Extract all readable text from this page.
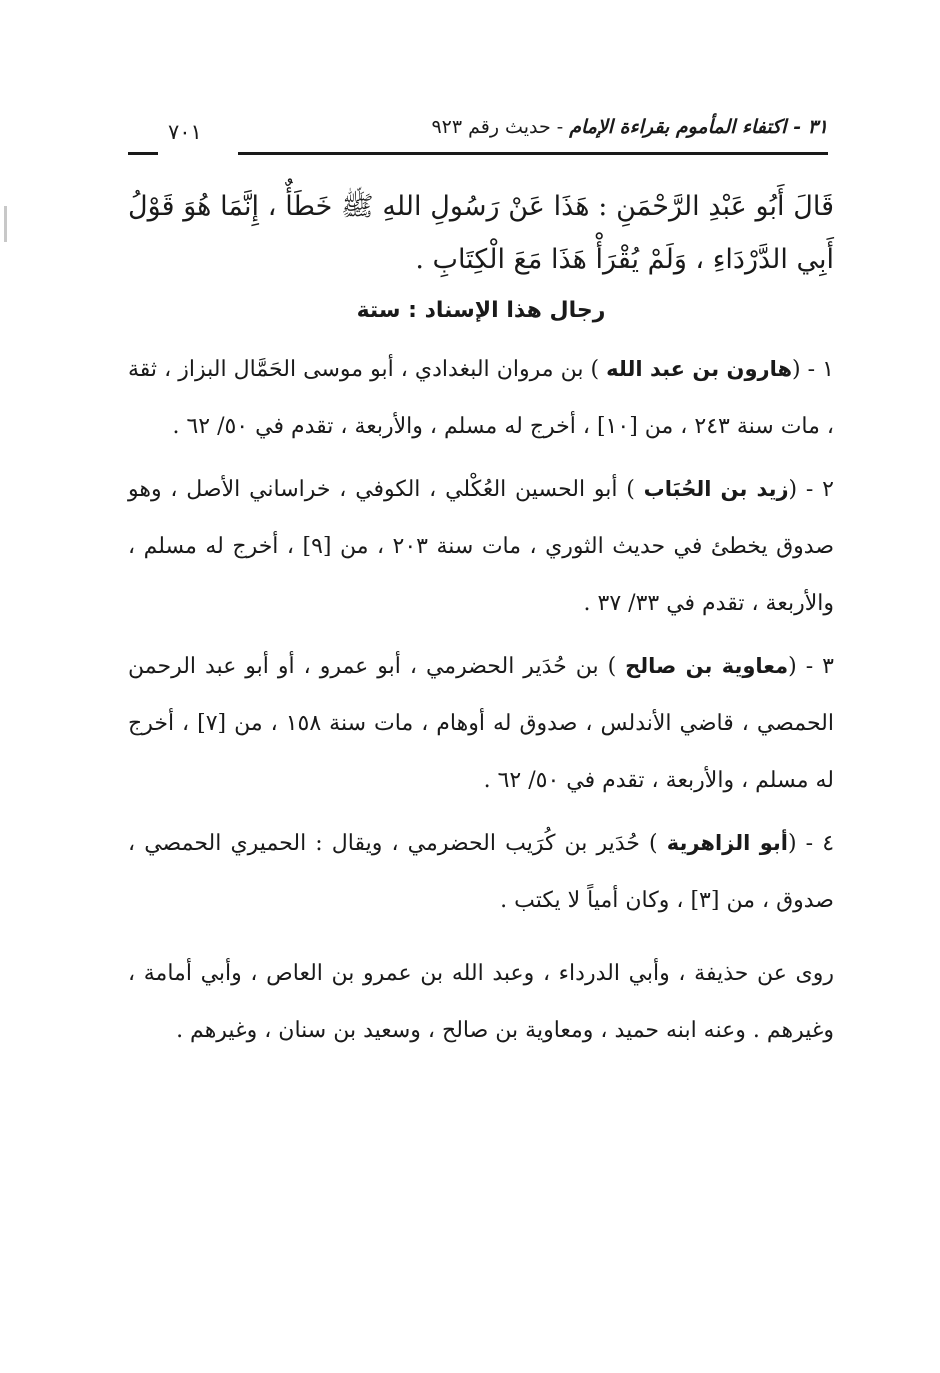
٣١ - اكتفاء المأموم بقراءة الإمام - حديث رقم ٩٢٣
٧٠١

قَالَ أَبُو عَبْدِ الرَّحْمَنِ : هَذَا عَنْ رَسُولِ اللهِ ﷺ خَطَأٌ ، إِنَّمَا هُوَ قَوْلُ أَبِي الدَّرْدَاءِ ، وَلَمْ يُقْرَأْ هَذَا مَعَ الْكِتَابِ .

رجال هذا الإسناد : ستة

١ - (هارون بن عبد الله ) بن مروان البغدادي ، أبو موسى الحَمَّال البزاز ، ثقة ، مات سنة ٢٤٣ ، من [١٠] ، أخرج له مسلم ، والأربعة ، تقدم في ٥٠/ ٦٢ .

٢ - (زيد بن الحُبَاب ) أبو الحسين العُكْلي ، الكوفي ، خراساني الأصل ، وهو صدوق يخطئ في حديث الثوري ، مات سنة ٢٠٣ ، من [٩] ، أخرج له مسلم ، والأربعة ، تقدم في ٣٣/ ٣٧ .

٣ - (معاوية بن صالح ) بن حُدَير الحضرمي ، أبو عمرو ، أو أبو عبد الرحمن الحمصي ، قاضي الأندلس ، صدوق له أوهام ، مات سنة ١٥٨ ، من [٧] ، أخرج له مسلم ، والأربعة ، تقدم في ٥٠/ ٦٢ .

٤ - (أبو الزاهرية ) حُدَير بن كُرَيب الحضرمي ، ويقال : الحميري الحمصي ، صدوق ، من [٣] ، وكان أمياً لا يكتب .

روى عن حذيفة ، وأبي الدرداء ، وعبد الله بن عمرو بن العاص ، وأبي أمامة ، وغيرهم . وعنه ابنه حميد ، ومعاوية بن صالح ، وسعيد بن سنان ، وغيرهم .
